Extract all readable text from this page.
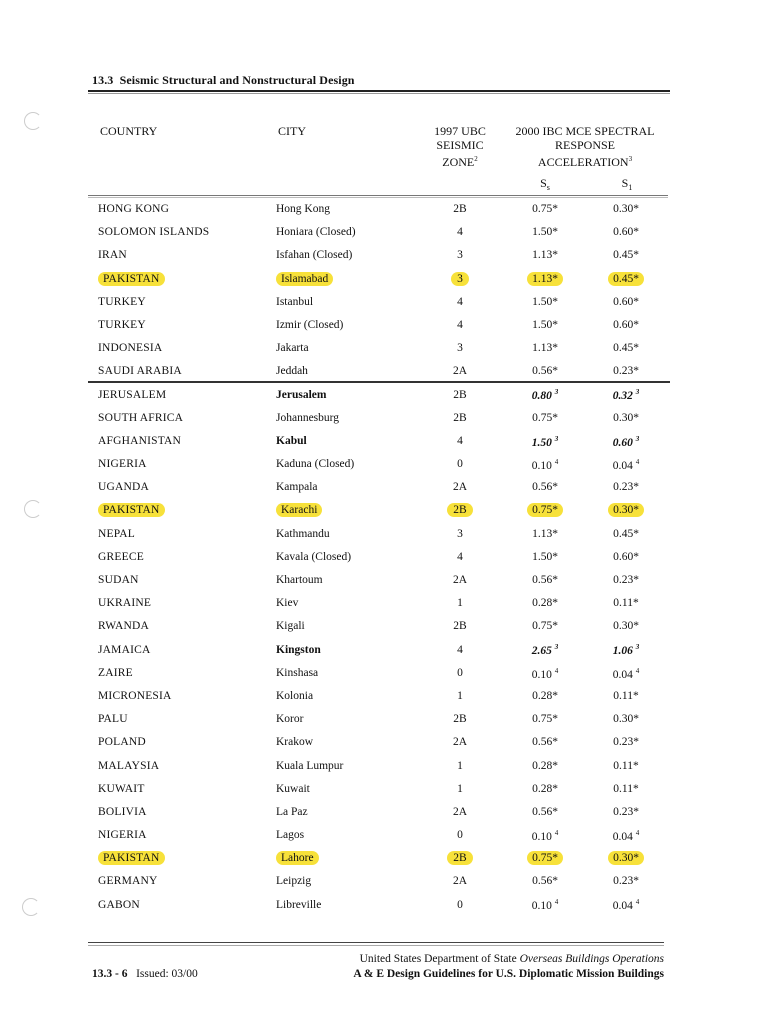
13.3 Seismic Structural and Nonstructural Design
COUNTRY	CITY	1997 UBC
SEISMIC
ZONE$^2$
2000 IBC MCE SPECTRAL
RESPONSE
ACCELERATION$^3$
$S_s$	$S_1$
HONG KONG	Hong Kong	2B	0.75*	0.30*
SOLOMON ISLANDS	Honiara (Closed)	4	1.50*	0.60*
IRAN	Isfahan (Closed)	3	1.13*	0.45*
PAKISTAN	Islamabad	3	1.13*	0.45*
TURKEY	Istanbul	4	1.50*	0.60*
TURKEY	Izmir (Closed)	4	1.50*	0.60*
INDONESIA	Jakarta	3	1.13*	0.45*
SAUDI ARABIA	Jeddah	2A	0.56*	0.23*
JERUSALEM	Jerusalem	2B	0.80 $^3$	0.32 $^3$
SOUTH AFRICA	Johannesburg	2B	0.75*	0.30*
AFGHANISTAN	Kabul	4	1.50 $^3$	0.60 $^3$
NIGERIA	Kaduna (Closed)	0	0.10 $^4$	0.04 $^4$
UGANDA	Kampala	2A	0.56*	0.23*
PAKISTAN	Karachi	2B	0.75*	0.30*
NEPAL	Kathmandu	3	1.13*	0.45*
GREECE	Kavala (Closed)	4	1.50*	0.60*
SUDAN	Khartoum	2A	0.56*	0.23*
UKRAINE	Kiev	1	0.28*	0.11*
RWANDA	Kigali	2B	0.75*	0.30*
JAMAICA	Kingston	4	2.65 $^3$	1.06 $^3$
ZAIRE	Kinshasa	0	0.10 $^4$	0.04 $^4$
MICRONESIA	Kolonia	1	0.28*	0.11*
PALU	Koror	2B	0.75*	0.30*
POLAND	Krakow	2A	0.56*	0.23*
MALAYSIA	Kuala Lumpur	1	0.28*	0.11*
KUWAIT	Kuwait	1	0.28*	0.11*
BOLIVIA	La Paz	2A	0.56*	0.23*
NIGERIA	Lagos	0	0.10 $^4$	0.04 $^4$
PAKISTAN	Lahore	2B	0.75*	0.30*
GERMANY	Leipzig	2A	0.56*	0.23*
GABON	Libreville	0	0.10 $^4$	0.04 $^4$
United States Department of State Overseas Buildings Operations
13.3 - 6 Issued: 03/00	A & E Design Guidelines for U.S. Diplomatic Mission Buildings
